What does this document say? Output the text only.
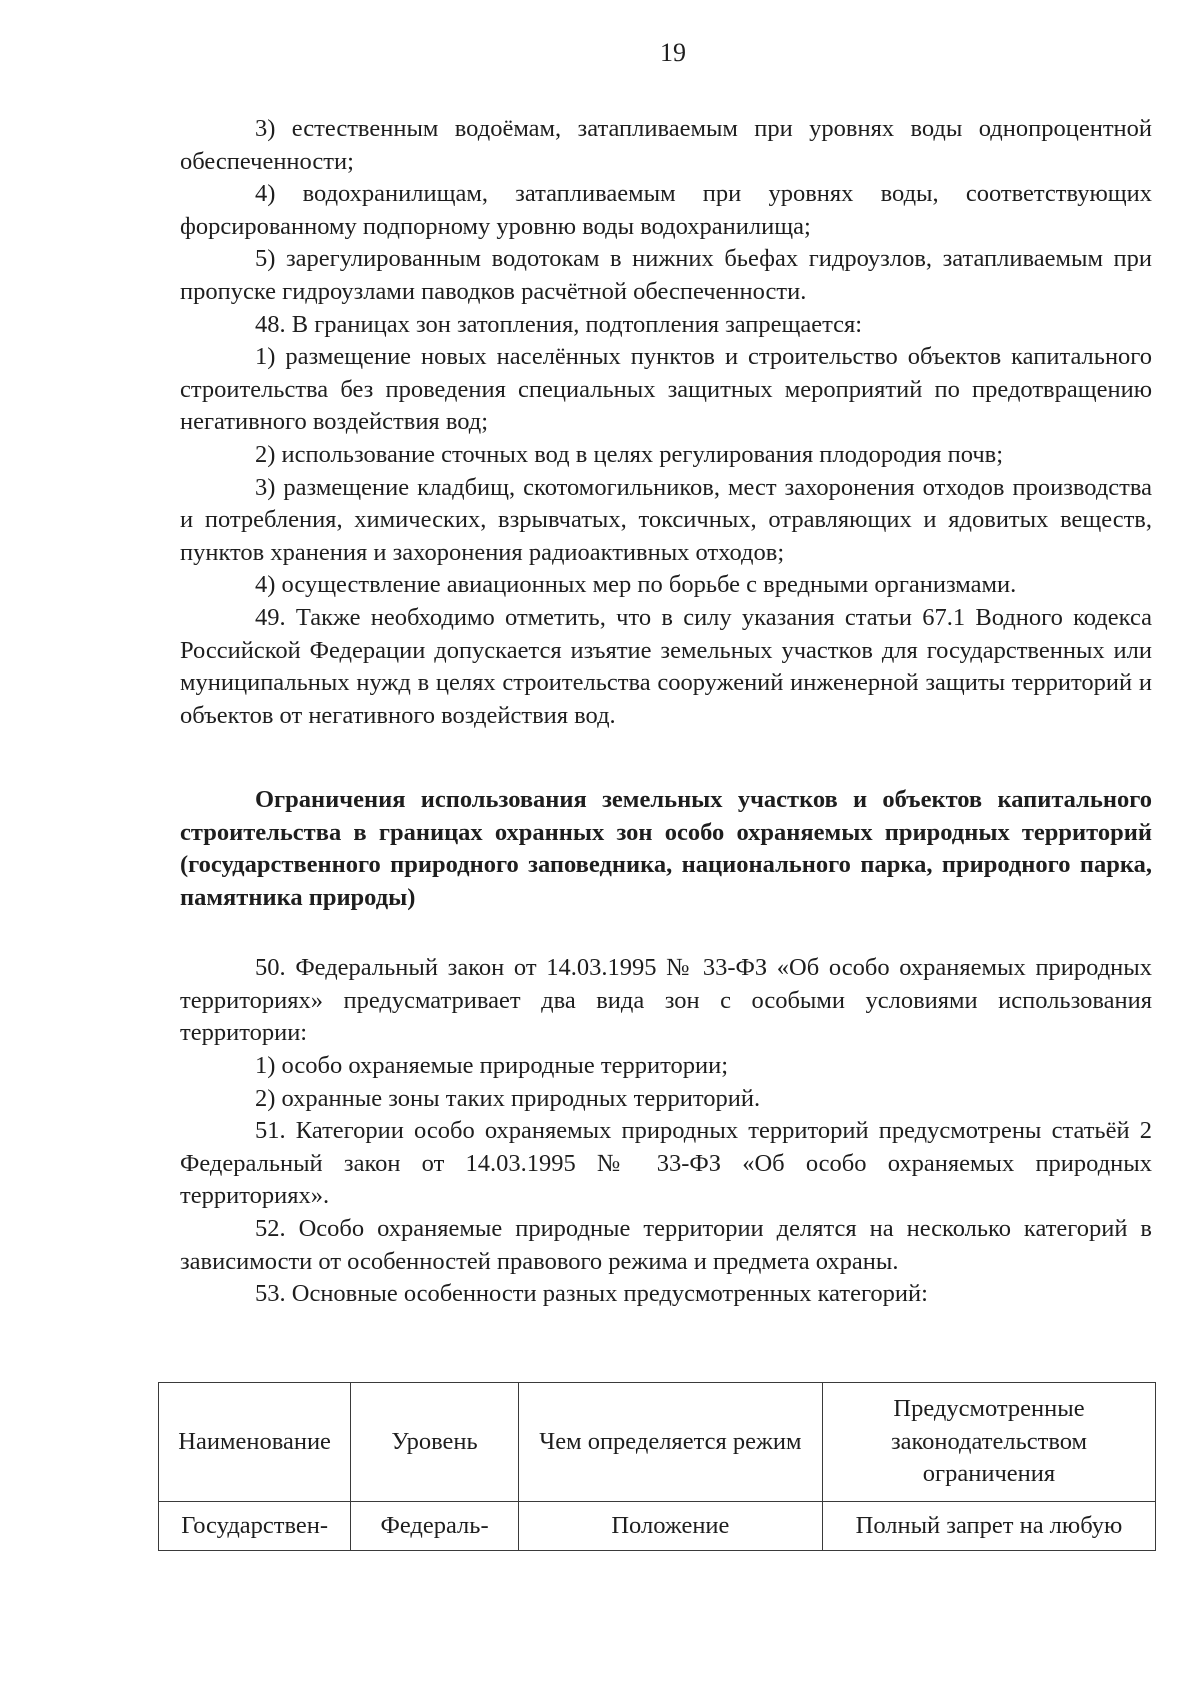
19

3) естественным водоёмам, затапливаемым при уровнях воды однопроцентной обеспеченности;

4) водохранилищам, затапливаемым при уровнях воды, соответствующих форсированному подпорному уровню воды водохранилища;

5) зарегулированным водотокам в нижних бьефах гидроузлов, затапливаемым при пропуске гидроузлами паводков расчётной обеспеченности.

48. В границах зон затопления, подтопления запрещается:

1) размещение новых населённых пунктов и строительство объектов капитального строительства без проведения специальных защитных мероприятий по предотвращению негативного воздействия вод;

2) использование сточных вод в целях регулирования плодородия почв;

3) размещение кладбищ, скотомогильников, мест захоронения отходов производства и потребления, химических, взрывчатых, токсичных, отравляющих и ядовитых веществ, пунктов хранения и захоронения радиоактивных отходов;

4) осуществление авиационных мер по борьбе с вредными организмами.

49. Также необходимо отметить, что в силу указания статьи 67.1 Водного кодекса Российской Федерации допускается изъятие земельных участков для государственных или муниципальных нужд в целях строительства сооружений инженерной защиты территорий и объектов от негативного воздействия вод.

Ограничения использования земельных участков и объектов капитального строительства в границах охранных зон особо охраняемых природных территорий (государственного природного заповедника, национального парка, природного парка, памятника природы)

50. Федеральный закон от 14.03.1995 № 33-ФЗ «Об особо охраняемых природных территориях» предусматривает два вида зон с особыми условиями использования территории:

1) особо охраняемые природные территории;

2) охранные зоны таких природных территорий.

51. Категории особо охраняемых природных территорий предусмотрены статьёй 2 Федеральный закон от 14.03.1995 № 33-ФЗ «Об особо охраняемых природных территориях».

52. Особо охраняемые природные территории делятся на несколько категорий в зависимости от особенностей правового режима и предмета охраны.

53. Основные особенности разных предусмотренных категорий:

Наименование	Уровень	Чем определяется режим	Предусмотренные законодательством ограничения
Государствен-	Федераль-	Положение	Полный запрет на любую
